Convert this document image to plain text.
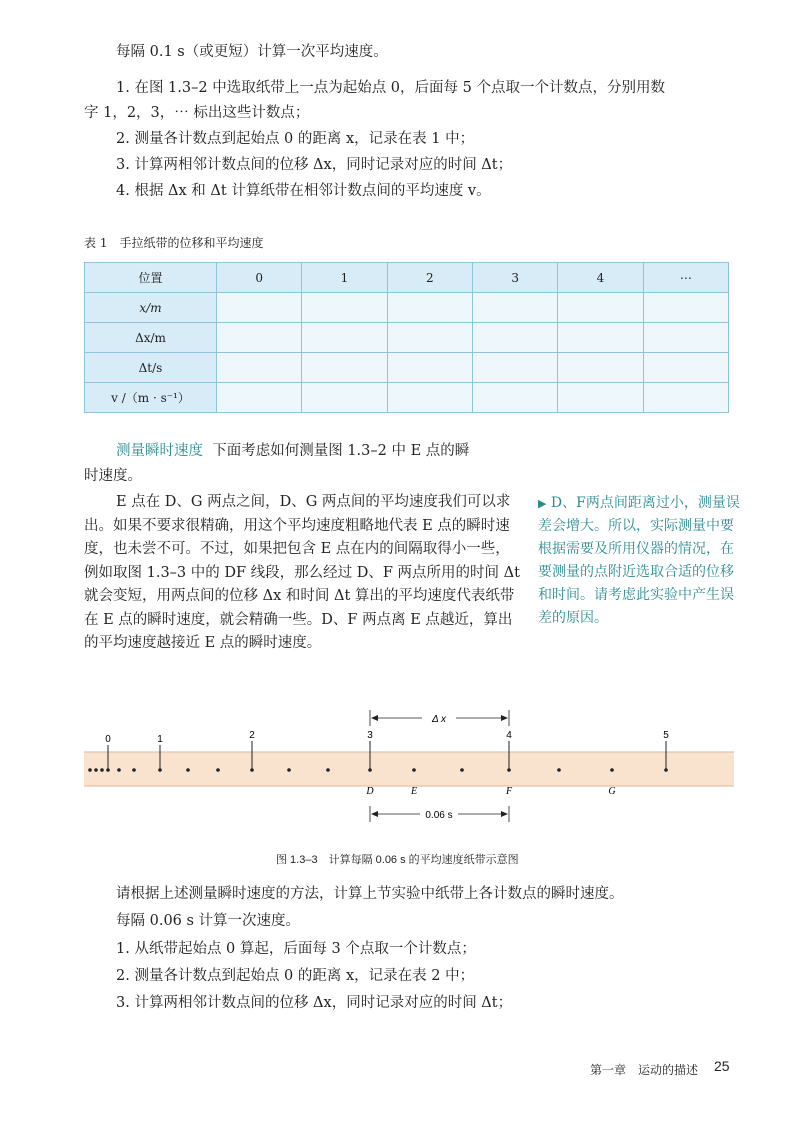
每隔 0.1 s（或更短）计算一次平均速度。
1. 在图 1.3–2 中选取纸带上一点为起始点 0，后面每 5 个点取一个计数点，分别用数
字 1，2，3，⋯ 标出这些计数点；
2. 测量各计数点到起始点 0 的距离 x，记录在表 1 中；
3. 计算两相邻计数点间的位移 Δx，同时记录对应的时间 Δt；
4. 根据 Δx 和 Δt 计算纸带在相邻计数点间的平均速度 v。
表 1　手拉纸带的位移和平均速度
位置	0	1	2	3	4	⋯
x/m						
Δx/m						
Δt/s						
v /（m · s⁻¹）						
测量瞬时速度 下面考虑如何测量图 1.3–2 中 E 点的瞬
时速度。
E 点在 D、G 两点之间，D、G 两点间的平均速度我们可以求出。如果不要求很精确，用这个平均速度粗略地代表 E 点的瞬时速度，也未尝不可。不过，如果把包含 E 点在内的间隔取得小一些，例如取图 1.3–3 中的 DF 线段，那么经过 D、F 两点所用的时间 Δt 就会变短，用两点间的位移 Δx 和时间 Δt 算出的平均速度代表纸带在 E 点的瞬时速度，就会精确一些。D、F 两点离 E 点越近，算出的平均速度越接近 E 点的瞬时速度。
▶ D、F两点间距离过小，测量误差会增大。所以，实际测量中要根据需要及所用仪器的情况，在要测量的点附近选取合适的位移和时间。请考虑此实验中产生误差的原因。
0	1	2	3	4	5
Δ x
D	E	F	G
0.06 s
图 1.3–3　计算每隔 0.06 s 的平均速度纸带示意图
请根据上述测量瞬时速度的方法，计算上节实验中纸带上各计数点的瞬时速度。
每隔 0.06 s 计算一次速度。
1. 从纸带起始点 0 算起，后面每 3 个点取一个计数点；
2. 测量各计数点到起始点 0 的距离 x，记录在表 2 中；
3. 计算两相邻计数点间的位移 Δx，同时记录对应的时间 Δt；
第一章　运动的描述 25
